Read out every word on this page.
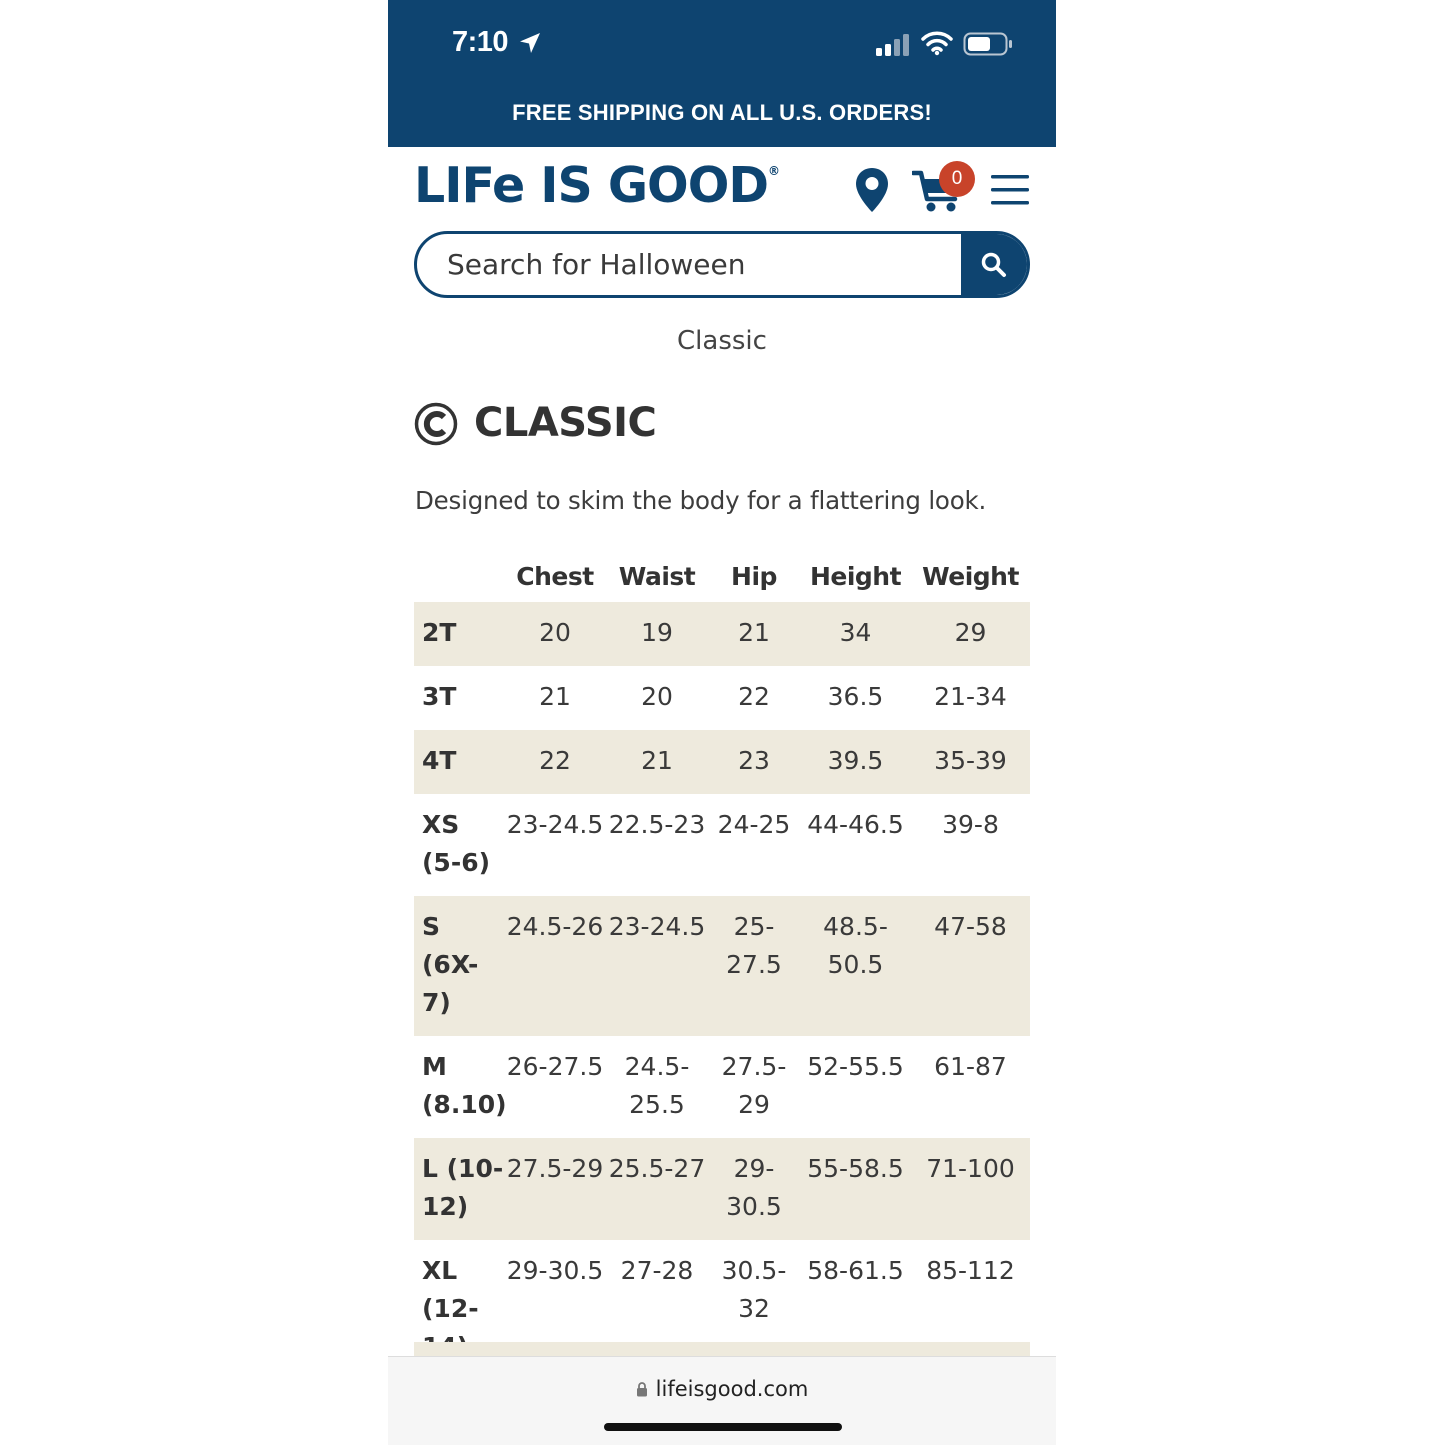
7:10
FREE SHIPPING ON ALL U.S. ORDERS!
LIFe IS GOOD®	0
Search for Halloween
Classic
CLASSIC
Designed to skim the body for a flattering look.
	Chest	Waist	Hip	Height	Weight
2T	20	19	21	34	29
3T	21	20	22	36.5	21-34
4T	22	21	23	39.5	35-39
XS (5-6)	23-24.5	22.5-23	24-25	44-46.5	39-8
S (6X-7)	24.5-26	23-24.5	25-27.5	48.5-50.5	47-58
M (8.10)	26-27.5	24.5-25.5	27.5-29	52-55.5	61-87
L (10-12)	27.5-29	25.5-27	29-30.5	55-58.5	71-100
XL (12-	29-30.5	27-28	30.5-32	58-61.5	85-112
lifeisgood.com
